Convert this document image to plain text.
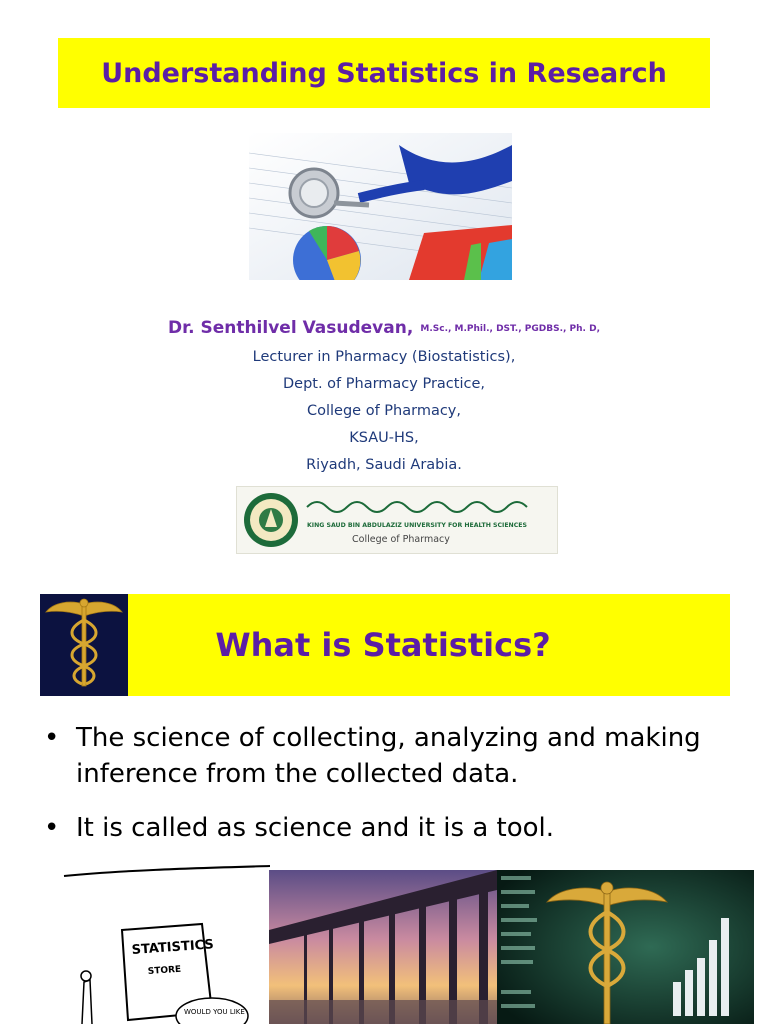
Understanding Statistics in Research
Dr. Senthilvel Vasudevan, M.Sc., M.Phil., DST., PGDBS., Ph. D,
Lecturer in Pharmacy (Biostatistics),
Dept. of Pharmacy Practice,
College of Pharmacy,
KSAU-HS,
Riyadh, Saudi Arabia.
KING SAUD BIN ABDULAZIZ UNIVERSITY FOR HEALTH SCIENCES
College of Pharmacy
What is Statistics?
• The science of collecting, analyzing and making inference from the collected data.
• It is called as science and it is a tool.
STATISTICS
STORE
WOULD YOU LIKE
